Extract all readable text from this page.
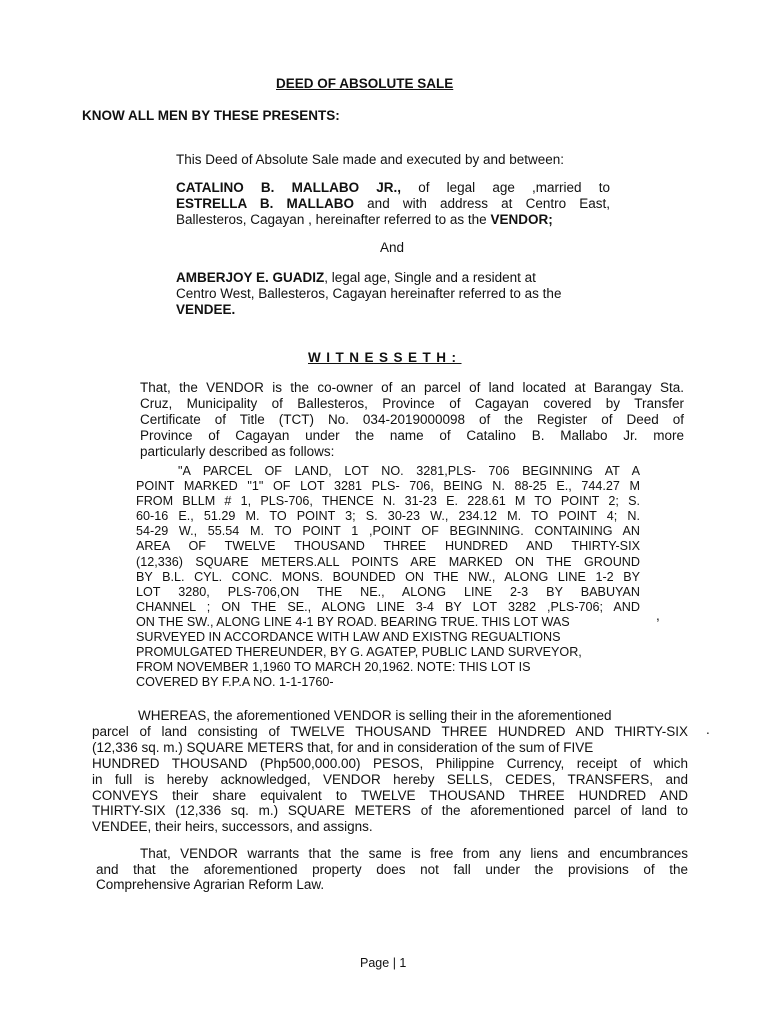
DEED OF ABSOLUTE SALE
KNOW ALL MEN BY THESE PRESENTS:
This Deed of Absolute Sale made and executed by and between:
CATALINO B. MALLABO JR., of legal age ,married to
ESTRELLA B. MALLABO and with address at Centro East,
Ballesteros, Cagayan , hereinafter referred to as the VENDOR;
And
AMBERJOY E. GUADIZ, legal age, Single and a resident at
Centro West, Ballesteros, Cagayan hereinafter referred to as the
VENDEE.
WITNESSETH:
That, the VENDOR is the co-owner of an parcel of land located at Barangay Sta.
Cruz, Municipality of Ballesteros, Province of Cagayan covered by Transfer
Certificate of Title (TCT) No. 034-2019000098 of the Register of Deed of
Province of Cagayan under the name of Catalino B. Mallabo Jr. more
particularly described as follows:
"A PARCEL OF LAND, LOT NO. 3281,PLS- 706 BEGINNING AT A
POINT MARKED "1" OF LOT 3281 PLS- 706, BEING N. 88-25 E., 744.27 M
FROM BLLM # 1, PLS-706, THENCE N. 31-23 E. 228.61 M TO POINT 2; S.
60-16 E., 51.29 M. TO POINT 3; S. 30-23 W., 234.12 M. TO POINT 4; N.
54-29 W., 55.54 M. TO POINT 1 ,POINT OF BEGINNING. CONTAINING AN
AREA OF TWELVE THOUSAND THREE HUNDRED AND THIRTY-SIX
(12,336) SQUARE METERS.ALL POINTS ARE MARKED ON THE GROUND
BY B.L. CYL. CONC. MONS. BOUNDED ON THE NW., ALONG LINE 1-2 BY
LOT 3280, PLS-706,ON THE NE., ALONG LINE 2-3 BY BABUYAN
CHANNEL ; ON THE SE., ALONG LINE 3-4 BY LOT 3282 ,PLS-706; AND
ON THE SW., ALONG LINE 4-1 BY ROAD. BEARING TRUE. THIS LOT WAS
SURVEYED IN ACCORDANCE WITH LAW AND EXISTNG REGUALTIONS
PROMULGATED THEREUNDER, BY G. AGATEP, PUBLIC LAND SURVEYOR,
FROM NOVEMBER 1,1960 TO MARCH 20,1962. NOTE: THIS LOT IS
COVERED BY F.P.A NO. 1-1-1760-
,
WHEREAS, the aforementioned VENDOR is selling their in the aforementioned
parcel of land consisting of TWELVE THOUSAND THREE HUNDRED AND THIRTY-SIX
(12,336 sq. m.) SQUARE METERS that, for and in consideration of the sum of FIVE
HUNDRED THOUSAND (Php500,000.00) PESOS, Philippine Currency, receipt of which
in full is hereby acknowledged, VENDOR hereby SELLS, CEDES, TRANSFERS, and
CONVEYS their share equivalent to TWELVE THOUSAND THREE HUNDRED AND
THIRTY-SIX (12,336 sq. m.) SQUARE METERS of the aforementioned parcel of land to
VENDEE, their heirs, successors, and assigns.
.
That, VENDOR warrants that the same is free from any liens and encumbrances
and that the aforementioned property does not fall under the provisions of the
Comprehensive Agrarian Reform Law.
Page | 1
